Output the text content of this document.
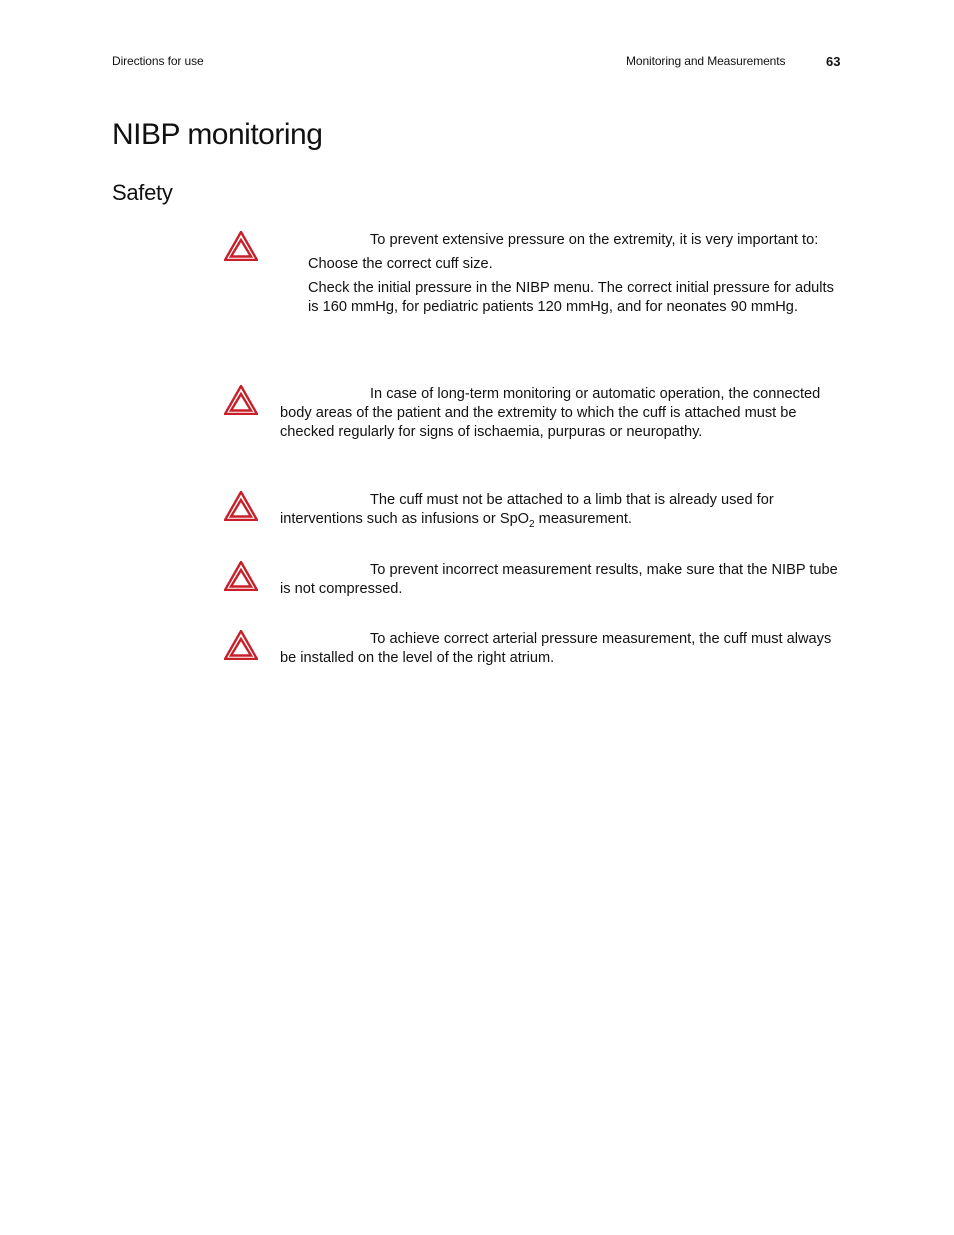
Directions for use	Monitoring and Measurements	63
NIBP monitoring
Safety
To prevent extensive pressure on the extremity, it is very important to:

Choose the correct cuff size.

Check the initial pressure in the NIBP menu. The correct initial pressure for adults is 160 mmHg, for pediatric patients 120 mmHg, and for neonates 90 mmHg.

In case of long-term monitoring or automatic operation, the connected body areas of the patient and the extremity to which the cuff is attached must be checked regularly for signs of ischaemia, purpuras or neuropathy.
The cuff must not be attached to a limb that is already used for interventions such as infusions or SpO$_2$ measurement.
To prevent incorrect measurement results, make sure that the NIBP tube is not compressed.
To achieve correct arterial pressure measurement, the cuff must always be installed on the level of the right atrium.
